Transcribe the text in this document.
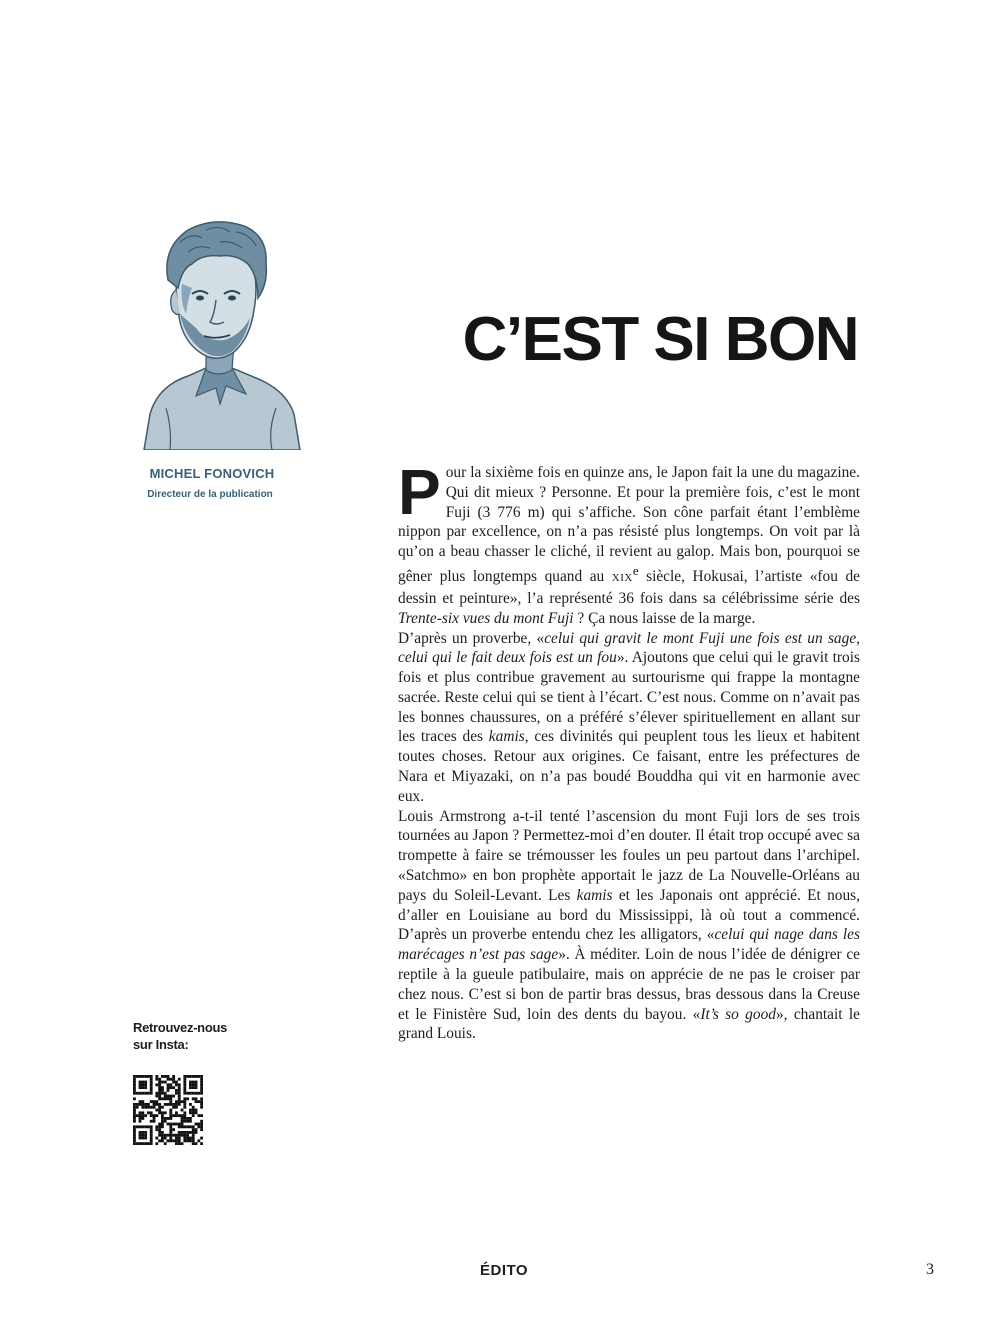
MICHEL FONOVICH
Directeur de la publication
C’EST SI BON
P our la sixième fois en quinze ans, le Japon fait la une du magazine. Qui dit mieux ? Personne. Et pour la première fois, c’est le mont Fuji (3 776 m) qui s’affiche. Son cône parfait étant l’emblème nippon par excellence, on n’a pas résisté plus longtemps. On voit par là qu’on a beau chasser le cliché, il revient au galop. Mais bon, pourquoi se gêner plus longtemps quand au XIXe siècle, Hokusai, l’artiste «fou de dessin et peinture», l’a représenté 36 fois dans sa célébrissime série des Trente-six vues du mont Fuji ? Ça nous laisse de la marge.

D’après un proverbe, «celui qui gravit le mont Fuji une fois est un sage, celui qui le fait deux fois est un fou». Ajoutons que celui qui le gravit trois fois et plus contribue gravement au surtourisme qui frappe la montagne sacrée. Reste celui qui se tient à l’écart. C’est nous. Comme on n’avait pas les bonnes chaussures, on a préféré s’élever spirituellement en allant sur les traces des kamis, ces divinités qui peuplent tous les lieux et habitent toutes choses. Retour aux origines. Ce faisant, entre les préfectures de Nara et Miyazaki, on n’a pas boudé Bouddha qui vit en harmonie avec eux.

Louis Armstrong a-t-il tenté l’ascension du mont Fuji lors de ses trois tournées au Japon ? Permettez-moi d’en douter. Il était trop occupé avec sa trompette à faire se trémousser les foules un peu partout dans l’archipel. «Satchmo» en bon prophète apportait le jazz de La Nouvelle-Orléans au pays du Soleil-Levant. Les kamis et les Japonais ont apprécié. Et nous, d’aller en Louisiane au bord du Mississippi, là où tout a commencé. D’après un proverbe entendu chez les alligators, «celui qui nage dans les marécages n’est pas sage». À méditer. Loin de nous l’idée de dénigrer ce reptile à la gueule patibulaire, mais on apprécie de ne pas le croiser par chez nous. C’est si bon de partir bras dessus, bras dessous dans la Creuse et le Finistère Sud, loin des dents du bayou. «It’s so good», chantait le grand Louis.

Retrouvez-nous
sur Insta:
ÉDITO	3
